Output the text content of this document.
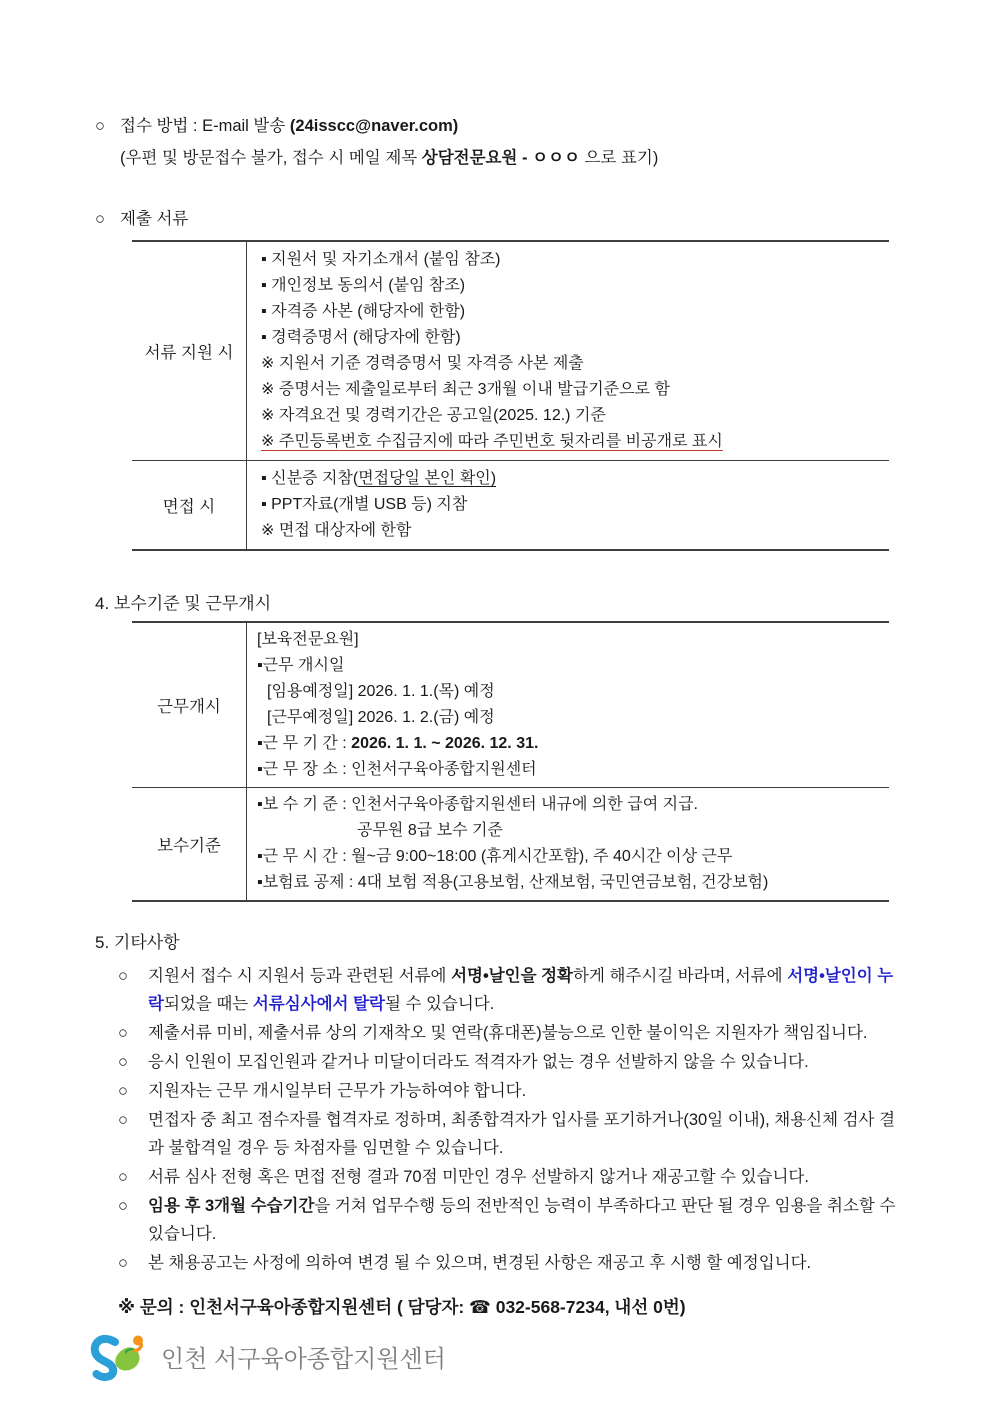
○ 접수 방법 : E-mail 발송 (24isscc@naver.com)
(우편 및 방문접수 불가, 접수 시 메일 제목 상담전문요원 - ㅇㅇㅇ 으로 표기)
○ 제출 서류
서류 지원 시
▪ 지원서 및 자기소개서 (붙임 참조)
▪ 개인정보 동의서 (붙임 참조)
▪ 자격증 사본 (해당자에 한함)
▪ 경력증명서 (해당자에 한함)
※ 지원서 기준 경력증명서 및 자격증 사본 제출
※ 증명서는 제출일로부터 최근 3개월 이내 발급기준으로 함
※ 자격요건 및 경력기간은 공고일(2025. 12.) 기준
※ 주민등록번호 수집금지에 따라 주민번호 뒷자리를 비공개로 표시
면접 시
▪ 신분증 지참(면접당일 본인 확인)
▪ PPT자료(개별 USB 등) 지참
※ 면접 대상자에 한함
4. 보수기준 및 근무개시
근무개시
[보육전문요원]
▪근무 개시일
[임용예정일] 2026. 1. 1.(목) 예정
[근무예정일] 2026. 1. 2.(금) 예정
▪근 무 기 간 : 2026. 1. 1. ~ 2026. 12. 31.
▪근 무 장 소 : 인천서구육아종합지원센터
보수기준
▪보 수 기 준 : 인천서구육아종합지원센터 내규에 의한 급여 지급.
공무원 8급 보수 기준
▪근 무 시 간 : 월~금 9:00~18:00 (휴게시간포함), 주 40시간 이상 근무
▪보험료 공제 : 4대 보험 적용(고용보험, 산재보험, 국민연금보험, 건강보험)
5. 기타사항
○	지원서 접수 시 지원서 등과 관련된 서류에 서명•날인을 정확하게 해주시길 바라며, 서류에 서명•날인이 누락되었을 때는 서류심사에서 탈락될 수 있습니다.
○	제출서류 미비, 제출서류 상의 기재착오 및 연락(휴대폰)불능으로 인한 불이익은 지원자가 책임집니다.
○	응시 인원이 모집인원과 같거나 미달이더라도 적격자가 없는 경우 선발하지 않을 수 있습니다.
○	지원자는 근무 개시일부터 근무가 가능하여야 합니다.
○	면접자 중 최고 점수자를 협격자로 정하며, 최종합격자가 입사를 포기하거나(30일 이내), 채용신체 검사 결과 불합격일 경우 등 차점자를 임면할 수 있습니다.
○	서류 심사 전형 혹은 면접 전형 결과 70점 미만인 경우 선발하지 않거나 재공고할 수 있습니다.
○	임용 후 3개월 수습기간을 거쳐 업무수행 등의 전반적인 능력이 부족하다고 판단 될 경우 임용을 취소할 수 있습니다.
○	본 채용공고는 사정에 의하여 변경 될 수 있으며, 변경된 사항은 재공고 후 시행 할 예정입니다.
※ 문의 : 인천서구육아종합지원센터 ( 담당자: ☎ 032-568-7234, 내선 0번)
인천 서구육아종합지원센터
